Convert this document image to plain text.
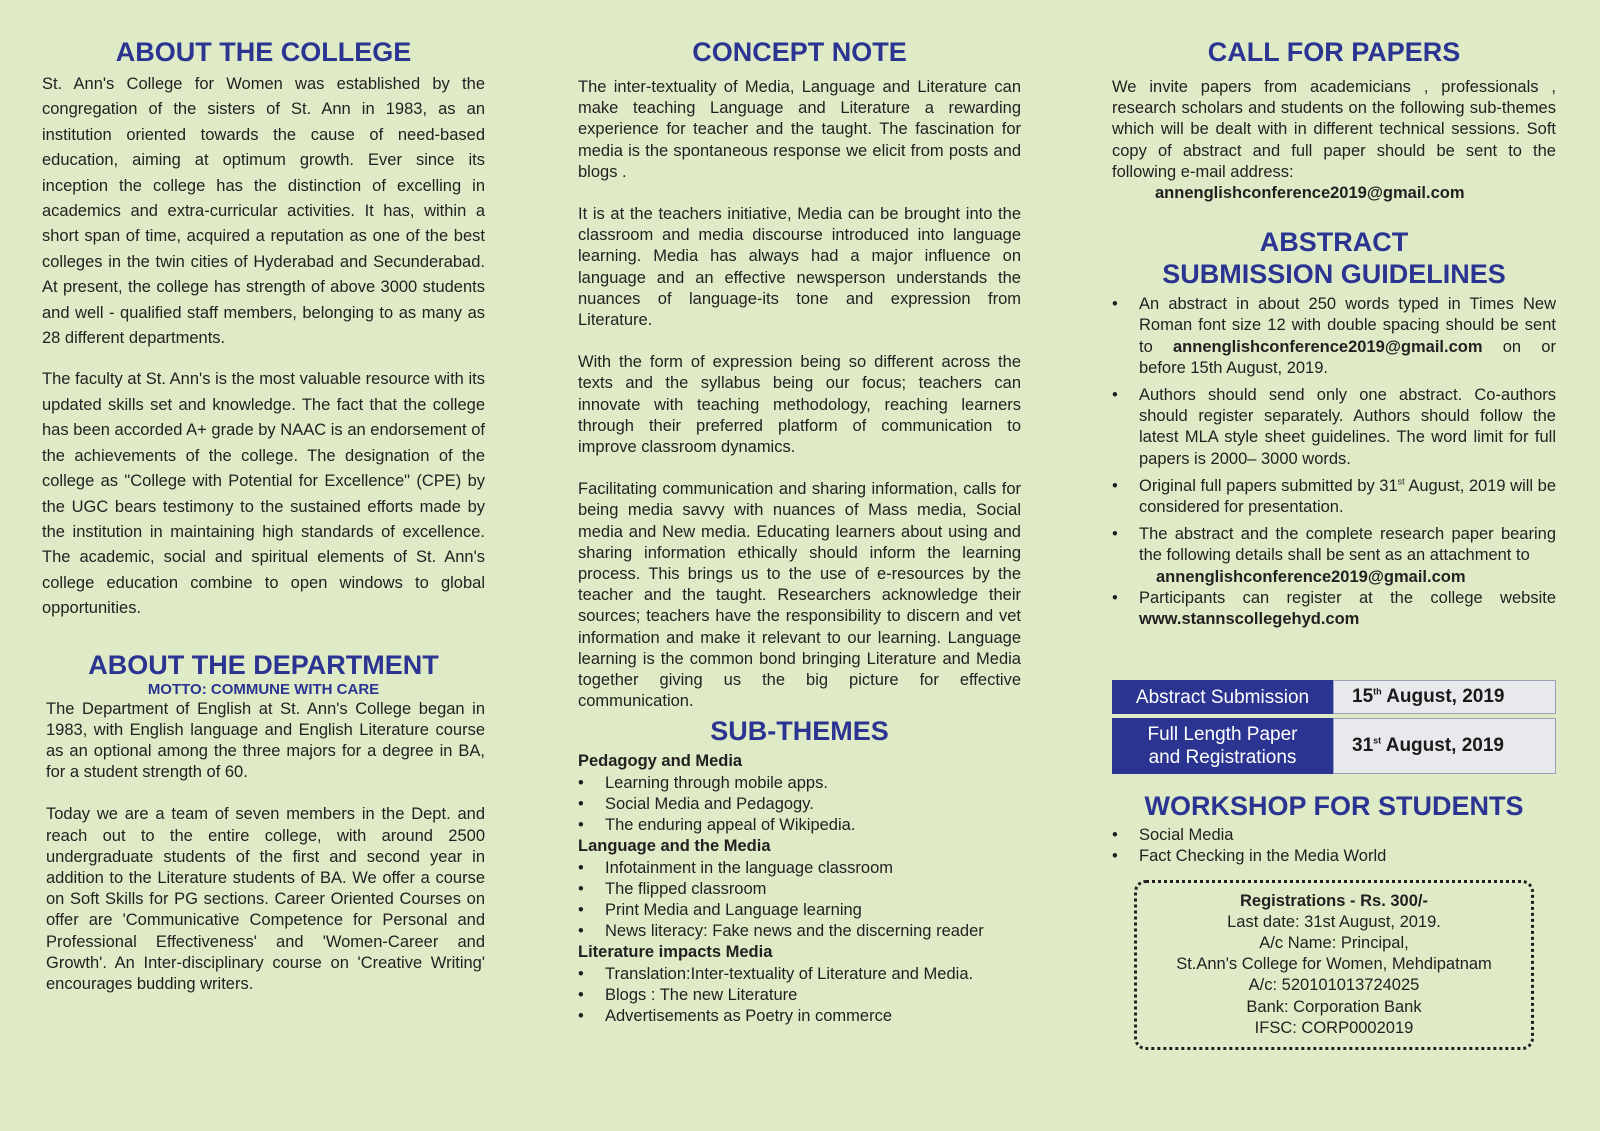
ABOUT THE COLLEGE

St. Ann's College for Women was established by the congregation of the sisters of St. Ann in 1983, as an institution oriented towards the cause of need-based education, aiming at optimum growth. Ever since its inception the college has the distinction of excelling in academics and extra-curricular activities. It has, within a short span of time, acquired a reputation as one of the best colleges in the twin cities of Hyderabad and Secunderabad. At present, the college has strength of above 3000 students and well - qualified staff members, belonging to as many as 28 different departments.

The faculty at St. Ann's is the most valuable resource with its updated skills set and knowledge. The fact that the college has been accorded A+ grade by NAAC is an endorsement of the achievements of the college. The designation of the college as "College with Potential for Excellence" (CPE) by the UGC bears testimony to the sustained efforts made by the institution in maintaining high standards of excellence. The academic, social and spiritual elements of St. Ann's college education combine to open windows to global opportunities.

ABOUT THE DEPARTMENT
MOTTO: COMMUNE WITH CARE

The Department of English at St. Ann's College began in 1983, with English language and English Literature course as an optional among the three majors for a degree in BA, for a student strength of 60.

Today we are a team of seven members in the Dept. and reach out to the entire college, with around 2500 undergraduate students of the first and second year in addition to the Literature students of BA. We offer a course on Soft Skills for PG sections. Career Oriented Courses on offer are 'Communicative Competence for Personal and Professional Effectiveness' and 'Women-Career and Growth'. An Inter-disciplinary course on 'Creative Writing' encourages budding writers.

CONCEPT NOTE

The inter-textuality of Media, Language and Literature can make teaching Language and Literature a rewarding experience for teacher and the taught. The fascination for media is the spontaneous response we elicit from posts and blogs .

It is at the teachers initiative, Media can be brought into the classroom and media discourse introduced into language learning. Media has always had a major influence on language and an effective newsperson understands the nuances of language-its tone and expression from Literature.

With the form of expression being so different across the texts and the syllabus being our focus; teachers can innovate with teaching methodology, reaching learners through their preferred platform of communication to improve classroom dynamics.

Facilitating communication and sharing information, calls for being media savvy with nuances of Mass media, Social media and New media. Educating learners about using and sharing information ethically should inform the learning process. This brings us to the use of e-resources by the teacher and the taught. Researchers acknowledge their sources; teachers have the responsibility to discern and vet information and make it relevant to our learning. Language learning is the common bond bringing Literature and Media together giving us the big picture for effective communication.

SUB-THEMES
Pedagogy and Media
• Learning through mobile apps.
• Social Media and Pedagogy.
• The enduring appeal of Wikipedia.
Language and the Media
• Infotainment in the language classroom
• The flipped classroom
• Print Media and Language learning
• News literacy: Fake news and the discerning reader
Literature impacts Media
• Translation:Inter-textuality of Literature and Media.
• Blogs : The new Literature
• Advertisements as Poetry in commerce
CALL FOR PAPERS

We invite papers from academicians , professionals , research scholars and students on the following sub-themes which will be dealt with in different technical sessions. Soft copy of abstract and full paper should be sent to the following e-mail address:

annenglishconference2019@gmail.com
ABSTRACT
SUBMISSION GUIDELINES
• An abstract in about 250 words typed in Times New Roman font size 12 with double spacing should be sent to annenglishconference2019@gmail.com on or before 15th August, 2019.
• Authors should send only one abstract. Co-authors should register separately. Authors should follow the latest MLA style sheet guidelines. The word limit for full papers is 2000– 3000 words.
• Original full papers submitted by 31st August, 2019 will be considered for presentation.
• The abstract and the complete research paper bearing the following details shall be sent as an attachment to
annenglishconference2019@gmail.com
• Participants can register at the college website www.stannscollegehyd.com
Abstract Submission	15th August, 2019
Full Length Paper
and Registrations	31st August, 2019
WORKSHOP FOR STUDENTS
• Social Media
• Fact Checking in the Media World
Registrations - Rs. 300/-
Last date: 31st August, 2019.
A/c Name: Principal,
St.Ann's College for Women, Mehdipatnam
A/c: 520101013724025
Bank: Corporation Bank
IFSC: CORP0002019
